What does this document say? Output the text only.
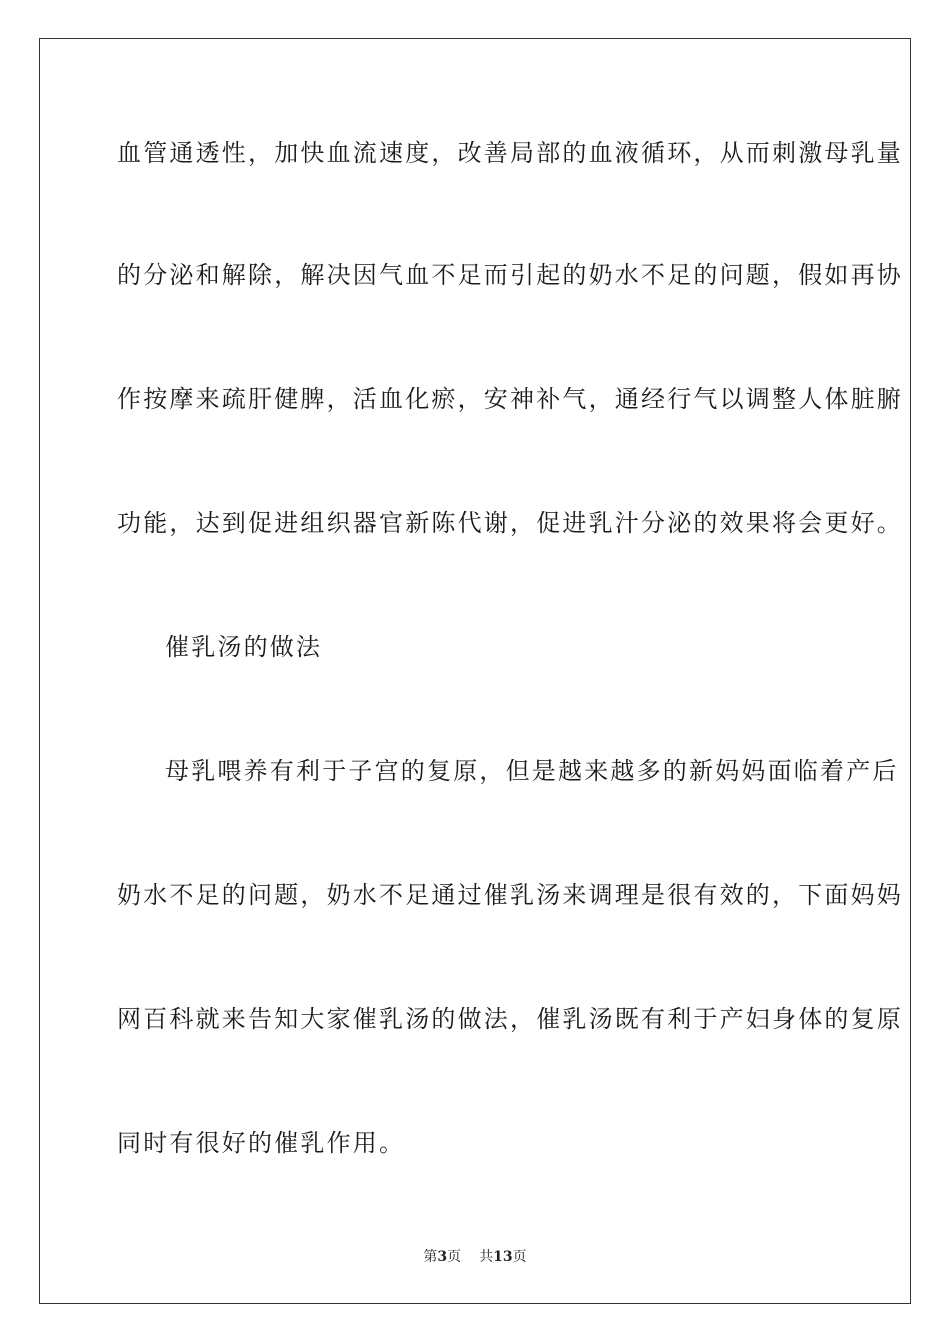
血管通透性，加快血流速度，改善局部的血液循环，从而刺激母乳量
的分泌和解除，解决因气血不足而引起的奶水不足的问题，假如再协
作按摩来疏肝健脾，活血化瘀，安神补气，通经行气以调整人体脏腑
功能，达到促进组织器官新陈代谢，促进乳汁分泌的效果将会更好。
催乳汤的做法
母乳喂养有利于子宫的复原，但是越来越多的新妈妈面临着产后
奶水不足的问题，奶水不足通过催乳汤来调理是很有效的，下面妈妈
网百科就来告知大家催乳汤的做法，催乳汤既有利于产妇身体的复原
同时有很好的催乳作用。
第3页 共13页
